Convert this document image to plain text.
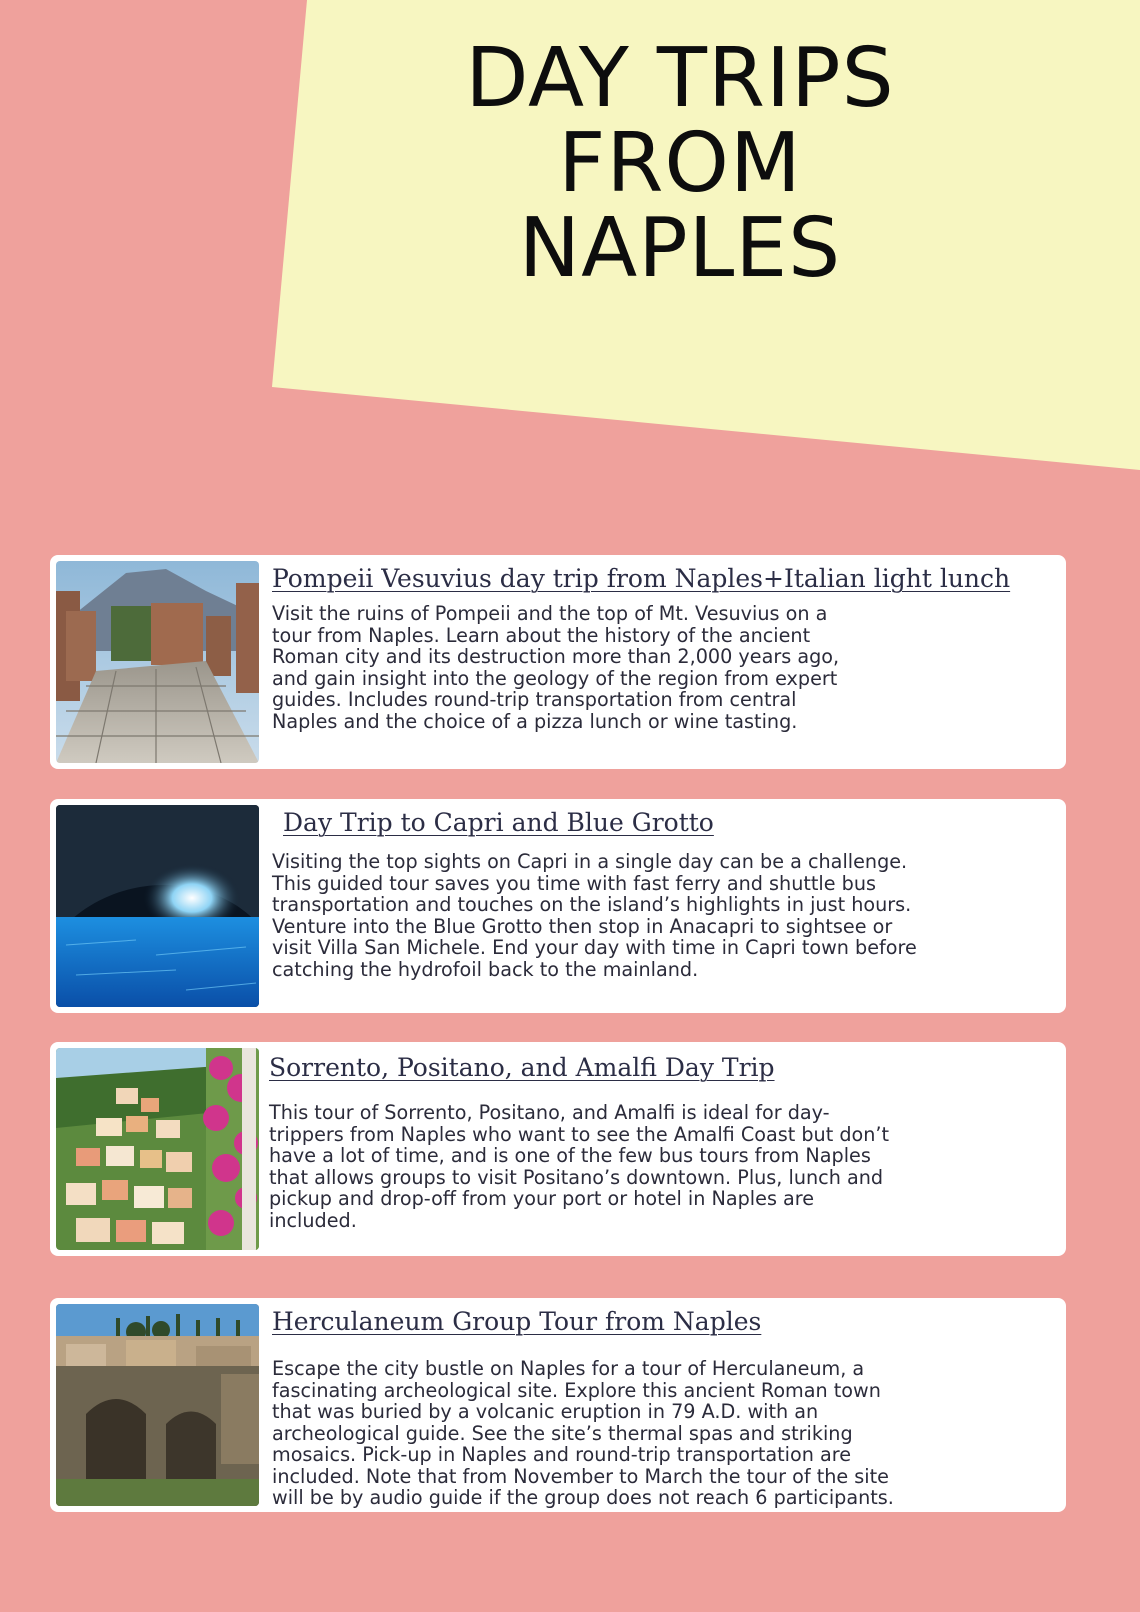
DAY TRIPS
FROM
NAPLES
Pompeii Vesuvius day trip from Naples+Italian light lunch

Visit the ruins of Pompeii and the top of Mt. Vesuvius on a
tour from Naples. Learn about the history of the ancient
Roman city and its destruction more than 2,000 years ago,
and gain insight into the geology of the region from expert
guides. Includes round-trip transportation from central
Naples and the choice of a pizza lunch or wine tasting.

Day Trip to Capri and Blue Grotto

Visiting the top sights on Capri in a single day can be a challenge.
This guided tour saves you time with fast ferry and shuttle bus
transportation and touches on the island’s highlights in just hours.
Venture into the Blue Grotto then stop in Anacapri to sightsee or
visit Villa San Michele. End your day with time in Capri town before
catching the hydrofoil back to the mainland.

Sorrento, Positano, and Amalfi Day Trip

This tour of Sorrento, Positano, and Amalfi is ideal for day-
trippers from Naples who want to see the Amalfi Coast but don’t
have a lot of time, and is one of the few bus tours from Naples
that allows groups to visit Positano’s downtown. Plus, lunch and
pickup and drop-off from your port or hotel in Naples are
included.

Herculaneum Group Tour from Naples

Escape the city bustle on Naples for a tour of Herculaneum, a
fascinating archeological site. Explore this ancient Roman town
that was buried by a volcanic eruption in 79 A.D. with an
archeological guide. See the site’s thermal spas and striking
mosaics. Pick-up in Naples and round-trip transportation are
included. Note that from November to March the tour of the site
will be by audio guide if the group does not reach 6 participants.
